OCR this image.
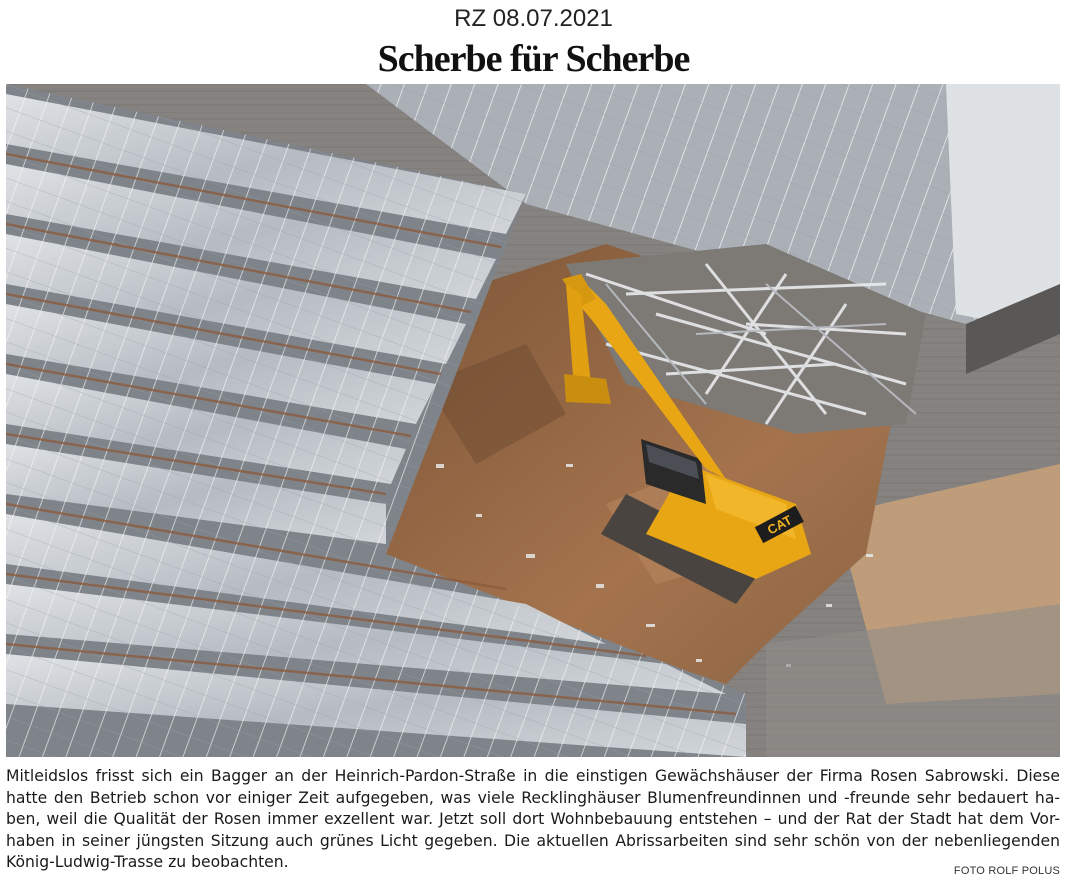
RZ 08.07.2021
Scherbe für Scherbe
CAT
Mitleidslos frisst sich ein Bagger an der Heinrich-Pardon-Straße in die einstigen Gewächshäuser der Firma Rosen Sabrowski. Diese
hatte den Betrieb schon vor einiger Zeit aufgegeben, was viele Recklinghäuser Blumenfreundinnen und -freunde sehr bedauert ha-
ben, weil die Qualität der Rosen immer exzellent war. Jetzt soll dort Wohnbebauung entstehen – und der Rat der Stadt hat dem Vor-
haben in seiner jüngsten Sitzung auch grünes Licht gegeben. Die aktuellen Abrissarbeiten sind sehr schön von der nebenliegenden
König-Ludwig-Trasse zu beobachten.	FOTO ROLF POLUS
